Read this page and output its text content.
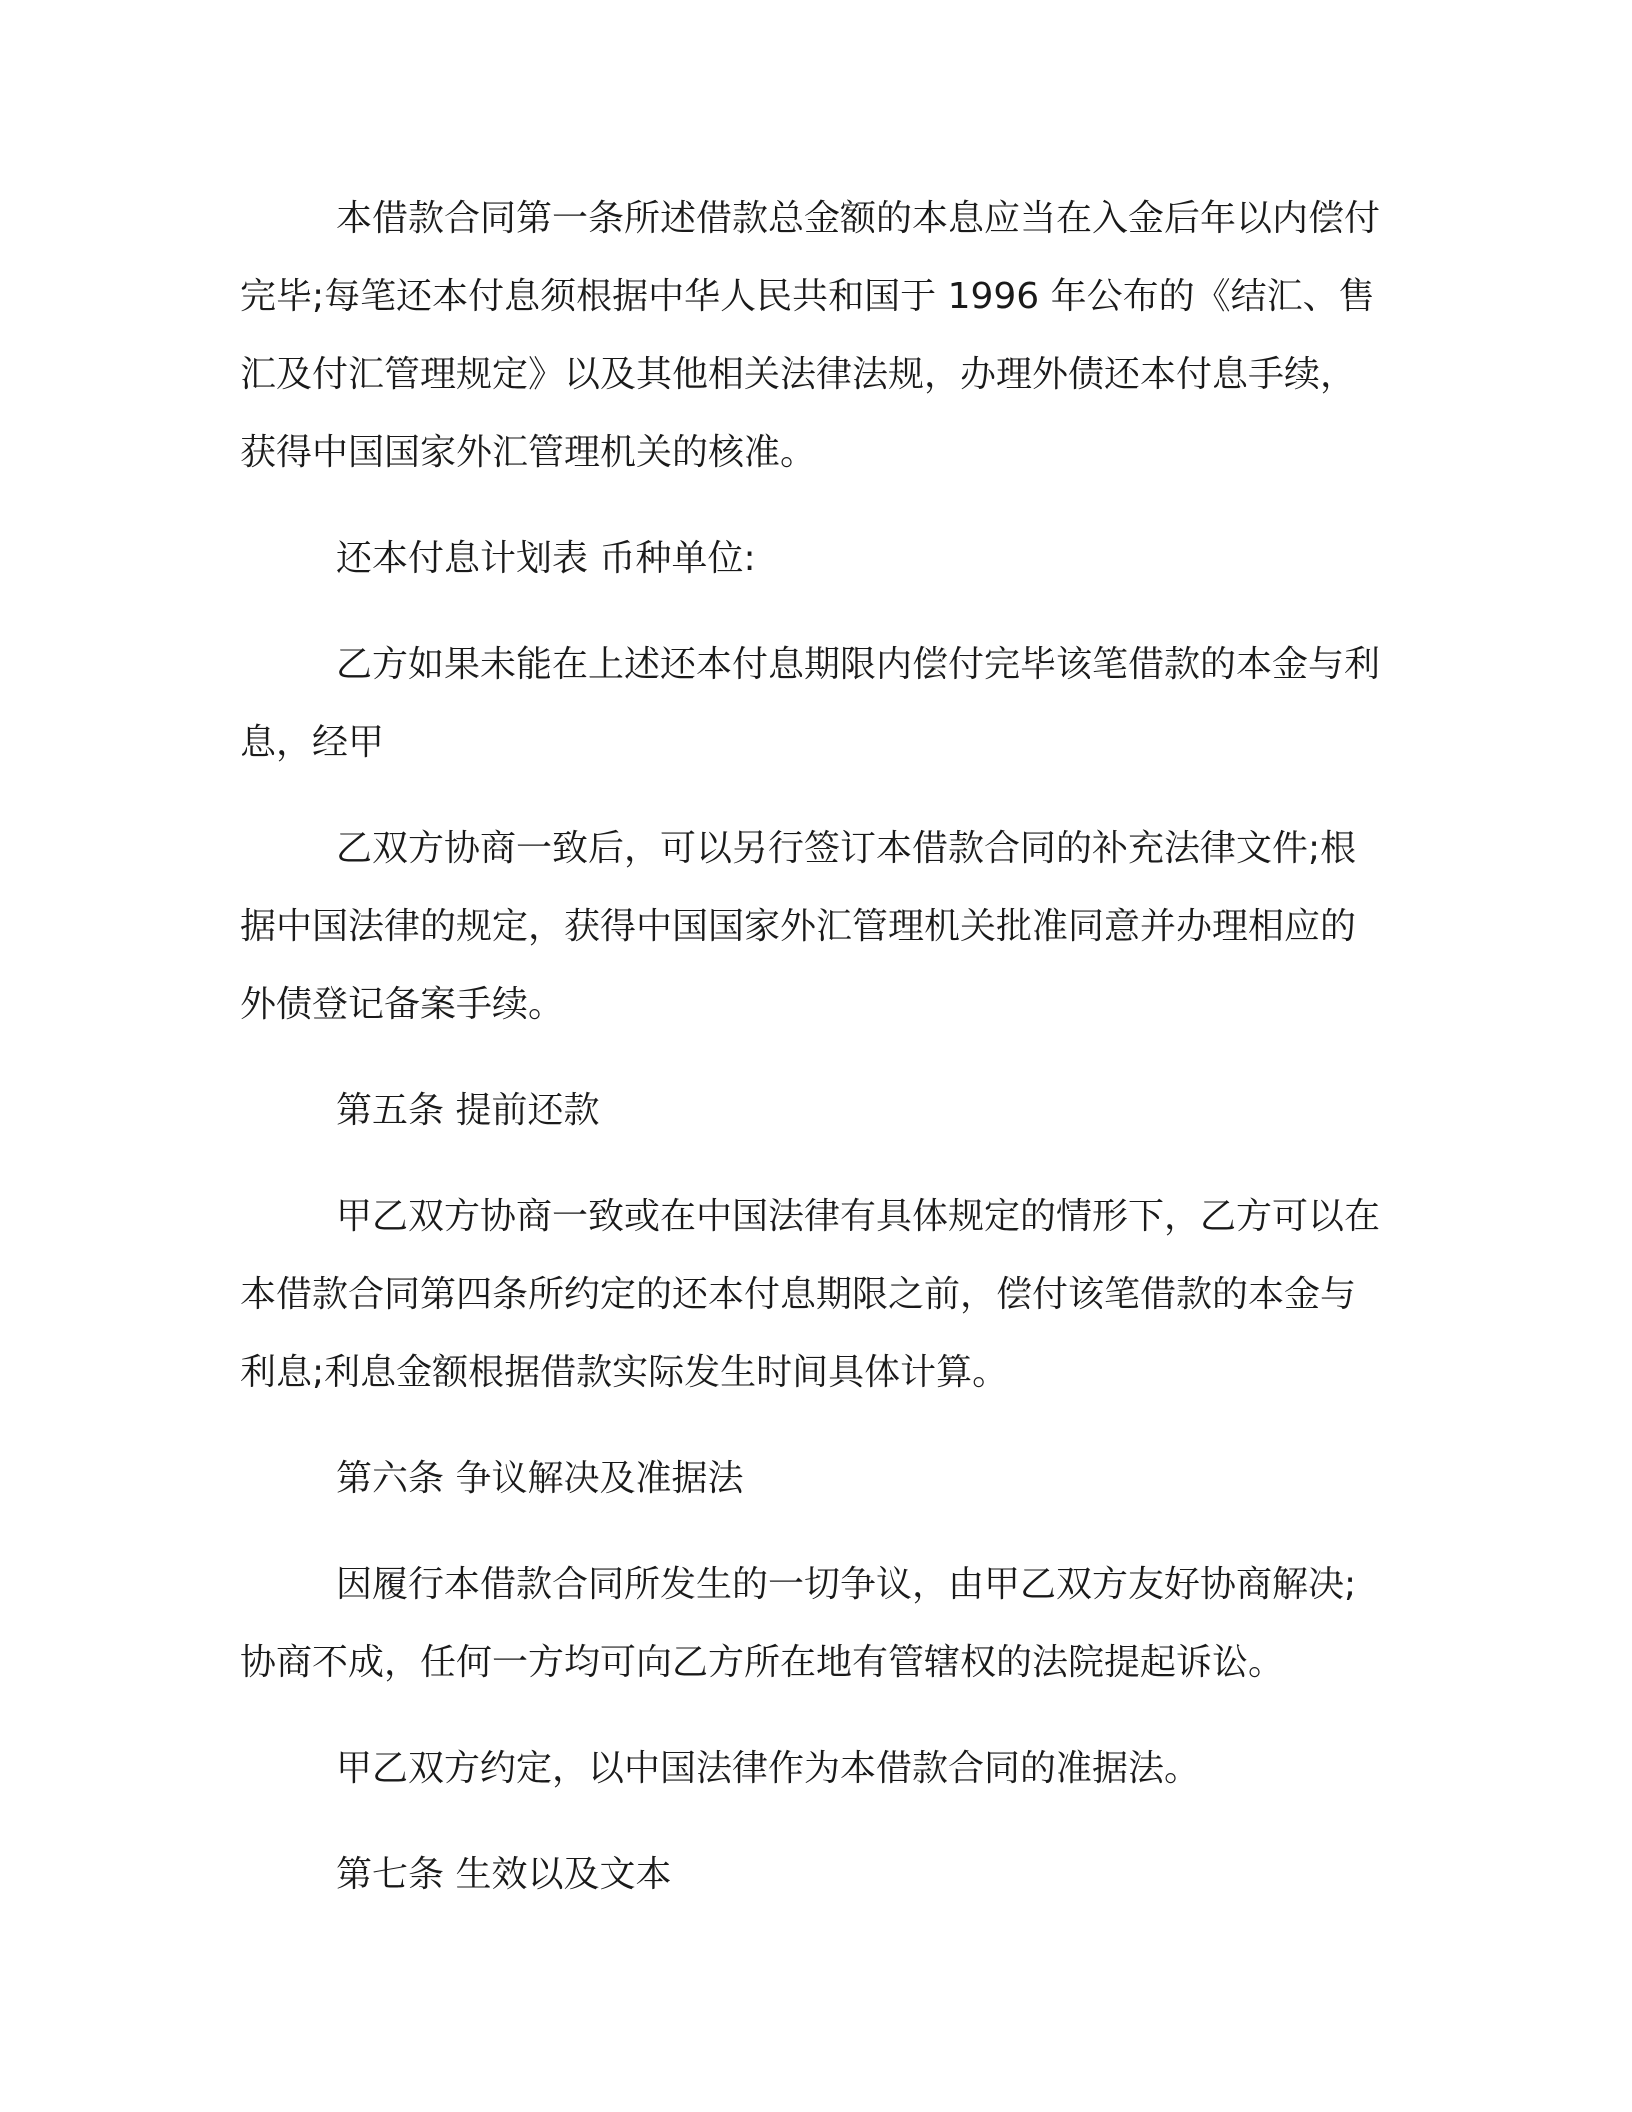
本借款合同第一条所述借款总金额的本息应当在入金后年以内偿付完毕;每笔还本付息须根据中华人民共和国于 1996 年公布的《结汇、售汇及付汇管理规定》以及其他相关法律法规，办理外债还本付息手续，获得中国国家外汇管理机关的核准。

还本付息计划表 币种单位:

乙方如果未能在上述还本付息期限内偿付完毕该笔借款的本金与利息，经甲

乙双方协商一致后，可以另行签订本借款合同的补充法律文件;根据中国法律的规定，获得中国国家外汇管理机关批准同意并办理相应的外债登记备案手续。

第五条 提前还款

甲乙双方协商一致或在中国法律有具体规定的情形下，乙方可以在本借款合同第四条所约定的还本付息期限之前，偿付该笔借款的本金与利息;利息金额根据借款实际发生时间具体计算。

第六条 争议解决及准据法

因履行本借款合同所发生的一切争议，由甲乙双方友好协商解决;协商不成，任何一方均可向乙方所在地有管辖权的法院提起诉讼。

甲乙双方约定，以中国法律作为本借款合同的准据法。

第七条 生效以及文本
